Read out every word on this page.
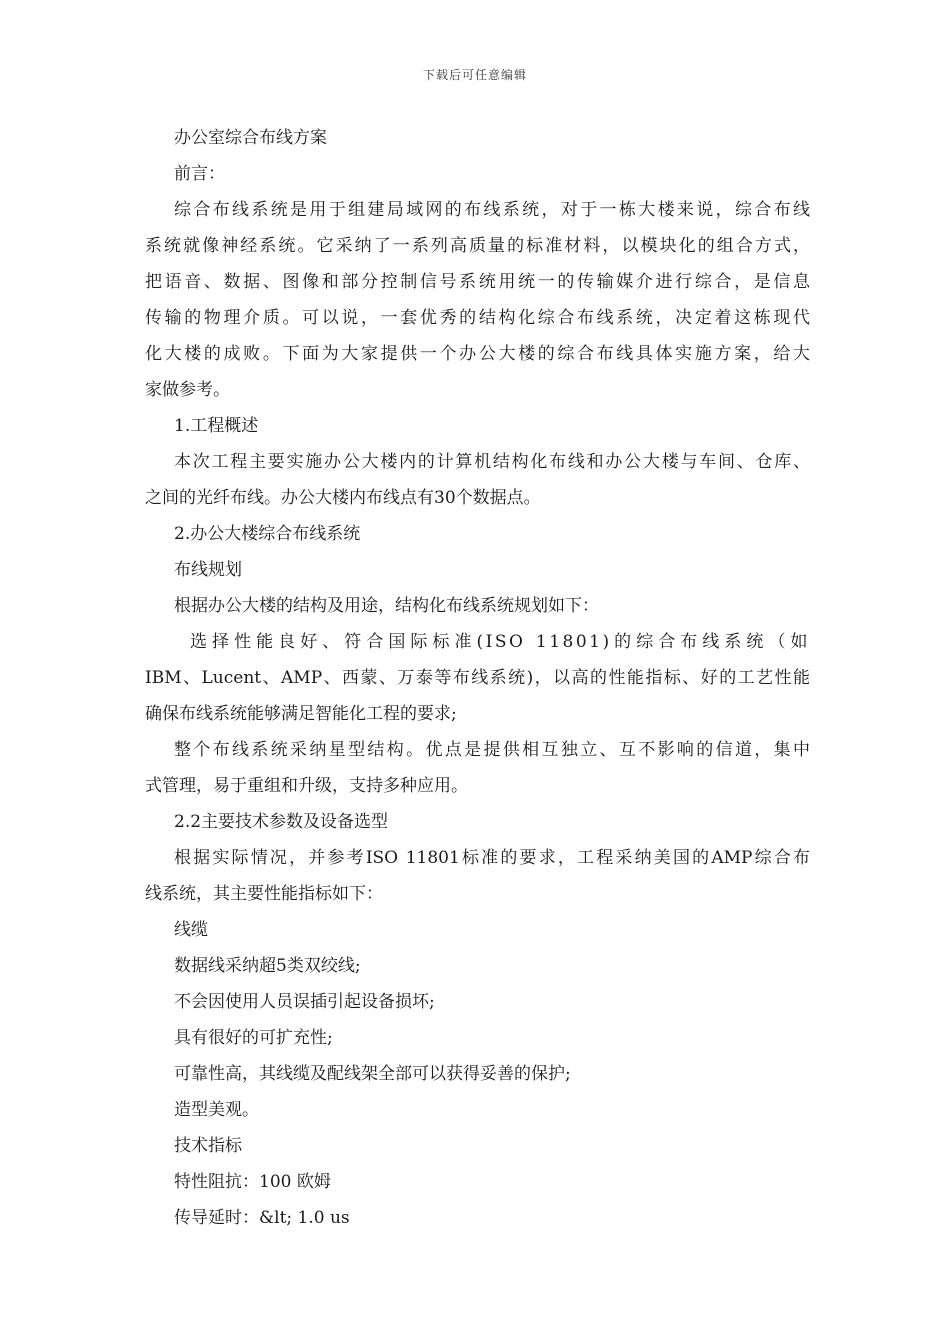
下载后可任意编辑
办公室综合布线方案
前言：
综合布线系统是用于组建局域网的布线系统，对于一栋大楼来说，综合布线
系统就像神经系统。它采纳了一系列高质量的标准材料，以模块化的组合方式，
把语音、数据、图像和部分控制信号系统用统一的传输媒介进行综合，是信息
传输的物理介质。可以说，一套优秀的结构化综合布线系统，决定着这栋现代
化大楼的成败。下面为大家提供一个办公大楼的综合布线具体实施方案，给大
家做参考。
1.工程概述
本次工程主要实施办公大楼内的计算机结构化布线和办公大楼与车间、仓库、
之间的光纤布线。办公大楼内布线点有30个数据点。
2.办公大楼综合布线系统
布线规划
根据办公大楼的结构及用途，结构化布线系统规划如下：
选择性能良好、符合国际标准(ISO 11801)的综合布线系统（如
IBM、Lucent、AMP、西蒙、万泰等布线系统)，以高的性能指标、好的工艺性能
确保布线系统能够满足智能化工程的要求;
整个布线系统采纳星型结构。优点是提供相互独立、互不影响的信道，集中
式管理，易于重组和升级，支持多种应用。
2.2主要技术参数及设备选型
根据实际情况，并参考ISO 11801标准的要求，工程采纳美国的AMP综合布
线系统，其主要性能指标如下：
线缆
数据线采纳超5类双绞线;
不会因使用人员误插引起设备损坏;
具有很好的可扩充性;
可靠性高，其线缆及配线架全部可以获得妥善的保护;
造型美观。
技术指标
特性阻抗：100 欧姆
传导延时：&lt; 1.0 us
